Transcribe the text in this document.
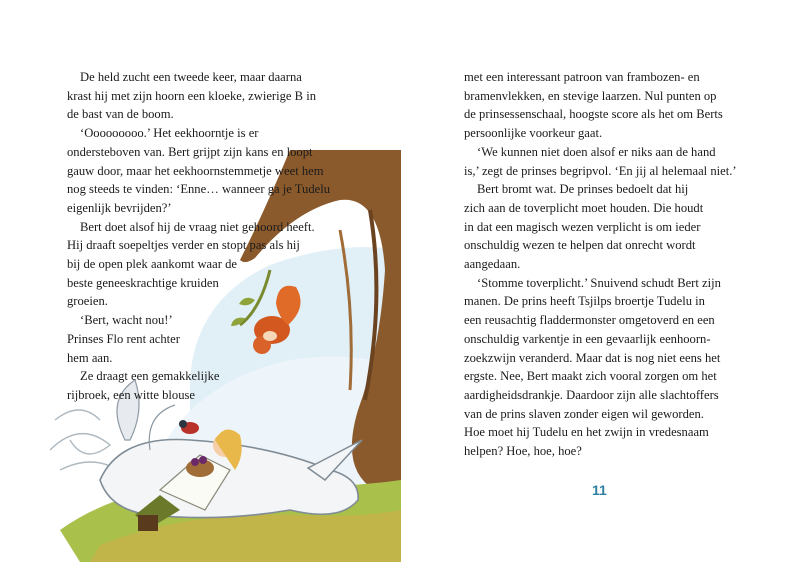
De held zucht een tweede keer, maar daarna

krast hij met zijn hoorn een kloeke, zwierige B in

de bast van de boom.

‘Ooooooooo.’ Het eekhoorntje is er

ondersteboven van. Bert grijpt zijn kans en loopt

gauw door, maar het eekhoornstemmetje weet hem

nog steeds te vinden: ‘Enne… wanneer ga je Tudelu

eigenlijk bevrijden?’

Bert doet alsof hij de vraag niet gehoord heeft.

Hij draaft soepeltjes verder en stopt pas als hij

bij de open plek aankomt waar de

beste geneeskrachtige kruiden

groeien.

‘Bert, wacht nou!’

Prinses Flo rent achter

hem aan.

Ze draagt een gemakkelijke

rijbroek, een witte blouse

met een interessant patroon van frambozen- en

bramenvlekken, en stevige laarzen. Nul punten op

de prinsessenschaal, hoogste score als het om Berts

persoonlijke voorkeur gaat.

‘We kunnen niet doen alsof er niks aan de hand

is,’ zegt de prinses begripvol. ‘En jij al helemaal niet.’

Bert bromt wat. De prinses bedoelt dat hij

zich aan de toverplicht moet houden. Die houdt

in dat een magisch wezen verplicht is om ieder

onschuldig wezen te helpen dat onrecht wordt

aangedaan.

‘Stomme toverplicht.’ Snuivend schudt Bert zijn

manen. De prins heeft Tsjilps broertje Tudelu in

een reusachtig fladdermonster omgetoverd en een

onschuldig varkentje in een gevaarlijk eenhoorn-

zoekzwijn veranderd. Maar dat is nog niet eens het

ergste. Nee, Bert maakt zich vooral zorgen om het

aardigheidsdrankje. Daardoor zijn alle slachtoffers

van de prins slaven zonder eigen wil geworden.

Hoe moet hij Tudelu en het zwijn in vredesnaam

helpen? Hoe, hoe, hoe?

11
